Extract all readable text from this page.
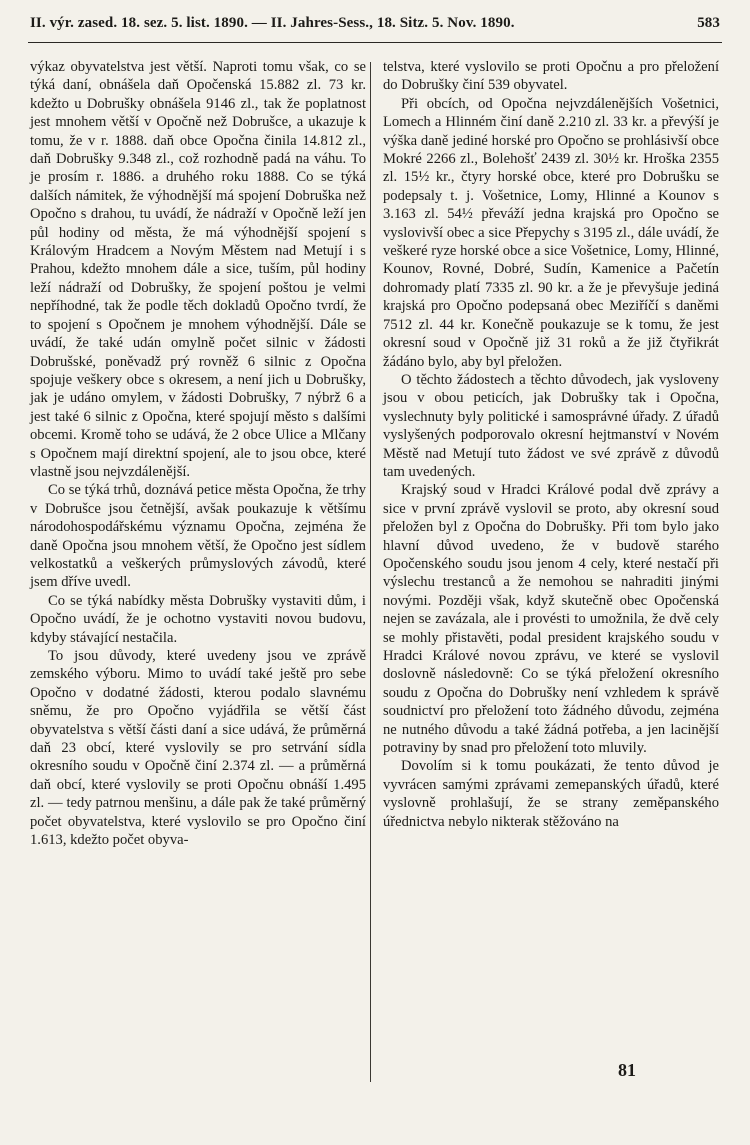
II. výr. zased. 18. sez. 5. list. 1890. — II. Jahres-Sess., 18. Sitz. 5. Nov. 1890.	583

výkaz obyvatelstva jest větší. Naproti tomu však, co se týká daní, obnášela daň Opočenská 15.882 zl. 73 kr. kdežto u Dobrušky obnášela 9146 zl., tak že poplatnost jest mnohem větší v Opočně než Dobrušce, a ukazuje k tomu, že v r. 1888. daň obce Opočna činila 14.812 zl., daň Dobrušky 9.348 zl., což rozhodně padá na váhu. To je prosím r. 1886. a druhého roku 1888. Co se týká dalších námitek, že výhodnější má spojení Dobruška než Opočno s drahou, tu uvádí, že nádraží v Opočně leží jen půl hodiny od města, že má výhodnější spojení s Královým Hradcem a Novým Městem nad Metují i s Prahou, kdežto mnohem dále a sice, tuším, půl hodiny leží nádraží od Dobrušky, že spojení poštou je velmi nepříhodné, tak že podle těch dokladů Opočno tvrdí, že to spojení s Opočnem je mnohem výhodnější. Dále se uvádí, že také udán omylně počet silnic v žádosti Dobrušské, poněvadž prý rovněž 6 silnic z Opočna spojuje veškery obce s okresem, a není jich u Dobrušky, jak je udáno omylem, v žádosti Dobrušky, 7 nýbrž 6 a jest také 6 silnic z Opočna, které spojují město s dalšími obcemi. Kromě toho se udává, že 2 obce Ulice a Mlčany s Opočnem mají direktní spojení, ale to jsou obce, které vlastně jsou nejvzdálenější.

Co se týká trhů, doznává petice města Opočna, že trhy v Dobrušce jsou četnější, avšak poukazuje k většímu národohospodářskému významu Opočna, zejména že daně Opočna jsou mnohem větší, že Opočno jest sídlem velkostatků a veškerých průmyslových závodů, které jsem dříve uvedl.

Co se týká nabídky města Dobrušky vystaviti dům, i Opočno uvádí, že je ochotno vystaviti novou budovu, kdyby stávající nestačila.

To jsou důvody, které uvedeny jsou ve zprávě zemského výboru. Mimo to uvádí také ještě pro sebe Opočno v dodatné žádosti, kterou podalo slavnému sněmu, že pro Opočno vyjádřila se větší část obyvatelstva s větší části daní a sice udává, že průměrná daň 23 obcí, které vyslovily se pro setrvání sídla okresního soudu v Opočně činí 2.374 zl. — a průměrná daň obcí, které vyslovily se proti Opočnu obnáší 1.495 zl. — tedy patrnou menšinu, a dále pak že také průměrný počet obyvatelstva, které vyslovilo se pro Opočno činí 1.613, kdežto počet obyva-

telstva, které vyslovilo se proti Opočnu a pro přeložení do Dobrušky činí 539 obyvatel.

Při obcích, od Opočna nejvzdálenějších Vošetnici, Lomech a Hlinném činí daně 2.210 zl. 33 kr. a převýší je výška daně jediné horské pro Opočno se prohlásivší obce Mokré 2266 zl., Bolehošť 2439 zl. 30½ kr. Hroška 2355 zl. 15½ kr., čtyry horské obce, které pro Dobrušku se podepsaly t. j. Vošetnice, Lomy, Hlinné a Kounov s 3.163 zl. 54½ převáží jedna krajská pro Opočno se vyslovivší obec a sice Přepychy s 3195 zl., dále uvádí, že veškeré ryze horské obce a sice Vošetnice, Lomy, Hlinné, Kounov, Rovné, Dobré, Sudín, Kamenice a Pačetín dohromady platí 7335 zl. 90 kr. a že je převyšuje jediná krajská pro Opočno podepsaná obec Meziříčí s daněmi 7512 zl. 44 kr. Konečně poukazuje se k tomu, že jest okresní soud v Opočně již 31 roků a že již čtyřikrát žádáno bylo, aby byl přeložen.

O těchto žádostech a těchto důvodech, jak vysloveny jsou v obou peticích, jak Dobrušky tak i Opočna, vyslechnuty byly politické i samosprávné úřady. Z úřadů vyslyšených podporovalo okresní hejtmanství v Novém Městě nad Metují tuto žádost ve své zprávě z důvodů tam uvedených.

Krajský soud v Hradci Králové podal dvě zprávy a sice v první zprávě vyslovil se proto, aby okresní soud přeložen byl z Opočna do Dobrušky. Při tom bylo jako hlavní důvod uvedeno, že v budově starého Opočenského soudu jsou jenom 4 cely, které nestačí při výslechu trestanců a že nemohou se nahraditi jinými novými. Později však, když skutečně obec Opočenská nejen se zavázala, ale i provésti to umožnila, že dvě cely se mohly přistavěti, podal president krajského soudu v Hradci Králové novou zprávu, ve které se vyslovil doslovně následovně: Co se týká přeložení okresního soudu z Opočna do Dobrušky není vzhledem k správě soudnictví pro přeložení toto žádného důvodu, zejména ne nutného důvodu a také žádná potřeba, a jen lacinější potraviny by snad pro přeložení toto mluvily.

Dovolím si k tomu poukázati, že tento důvod je vyvrácen samými zprávami zemepanských úřadů, které vyslovně prohlašují, že se strany zeměpanského úřednictva nebylo nikterak stěžováno na

81
